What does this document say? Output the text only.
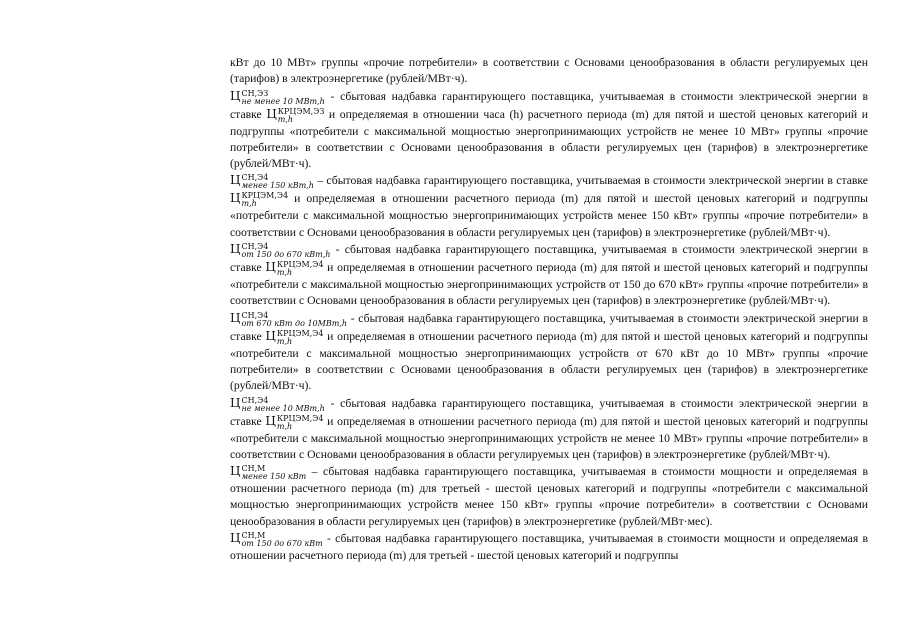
кВт до 10 МВт» группы «прочие потребители» в соответствии с Основами ценообразования в области регулируемых цен (тарифов) в электроэнергетике (рублей/МВт·ч).

Ц СН,ЭЗ
не менее 10 МВт,h - сбытовая надбавка гарантирующего поставщика, учитываемая в стоимости электрической энергии в ставке Ц КРЦЭМ,ЭЗ
m,h	и определяемая в отношении часа (h) расчетного периода (m) для пятой и шестой ценовых категорий и подгруппы «потребители с максимальной мощностью энергопринимающих устройств не менее 10 МВт» группы «прочие потребители» в соответствии с Основами ценообразования в области регулируемых цен (тарифов) в электроэнергетике (рублей/МВт·ч).

Ц СН,Э4
менее 150 кВт,h – сбытовая надбавка гарантирующего поставщика, учитываемая в стоимости электрической энергии в ставке Ц КРЦЭМ,Э4
m,h	и определяемая в отношении расчетного периода (m) для пятой и шестой ценовых категорий и подгруппы «потребители с максимальной мощностью энергопринимающих устройств менее 150 кВт» группы «прочие потребители» в соответствии с Основами ценообразования в области регулируемых цен (тарифов) в электроэнергетике (рублей/МВт·ч).

Ц СН,Э4
от 150 до 670 кВт,h - сбытовая надбавка гарантирующего поставщика, учитываемая в стоимости электрической энергии в ставке Ц КРЦЭМ,Э4
m,h	и определяемая в отношении расчетного периода (m) для пятой и шестой ценовых категорий и подгруппы «потребители с максимальной мощностью энергопринимающих устройств от 150 до 670 кВт» группы «прочие потребители» в соответствии с Основами ценообразования в области регулируемых цен (тарифов) в электроэнергетике (рублей/МВт·ч).

Ц СН,Э4
от 670 кВт до 10МВт,h - сбытовая надбавка гарантирующего поставщика, учитываемая в стоимости электрической энергии в ставке Ц КРЦЭМ,Э4
m,h	и определяемая в отношении расчетного периода (m) для пятой и шестой ценовых категорий и подгруппы «потребители с максимальной мощностью энергопринимающих устройств от 670 кВт до 10 МВт» группы «прочие потребители» в соответствии с Основами ценообразования в области регулируемых цен (тарифов) в электроэнергетике (рублей/МВт·ч).

Ц СН,Э4
не менее 10 МВт,h - сбытовая надбавка гарантирующего поставщика, учитываемая в стоимости электрической энергии в ставке Ц КРЦЭМ,Э4
m,h	и определяемая в отношении расчетного периода (m) для пятой и шестой ценовых категорий и подгруппы «потребители с максимальной мощностью энергопринимающих устройств не менее 10 МВт» группы «прочие потребители» в соответствии с Основами ценообразования в области регулируемых цен (тарифов) в электроэнергетике (рублей/МВт·ч).

Ц СН,М
менее 150 кВт – сбытовая надбавка гарантирующего поставщика, учитываемая в стоимости мощности и определяемая в отношении расчетного периода (m) для третьей - шестой ценовых категорий и подгруппы «потребители с максимальной мощностью энергопринимающих устройств менее 150 кВт» группы «прочие потребители» в соответствии с Основами ценообразования в области регулируемых цен (тарифов) в электроэнергетике (рублей/МВт·мес).

Ц СН,М
от 150 до 670 кВт - сбытовая надбавка гарантирующего поставщика, учитываемая в стоимости мощности и определяемая в отношении расчетного периода (m) для третьей - шестой ценовых категорий и подгруппы
